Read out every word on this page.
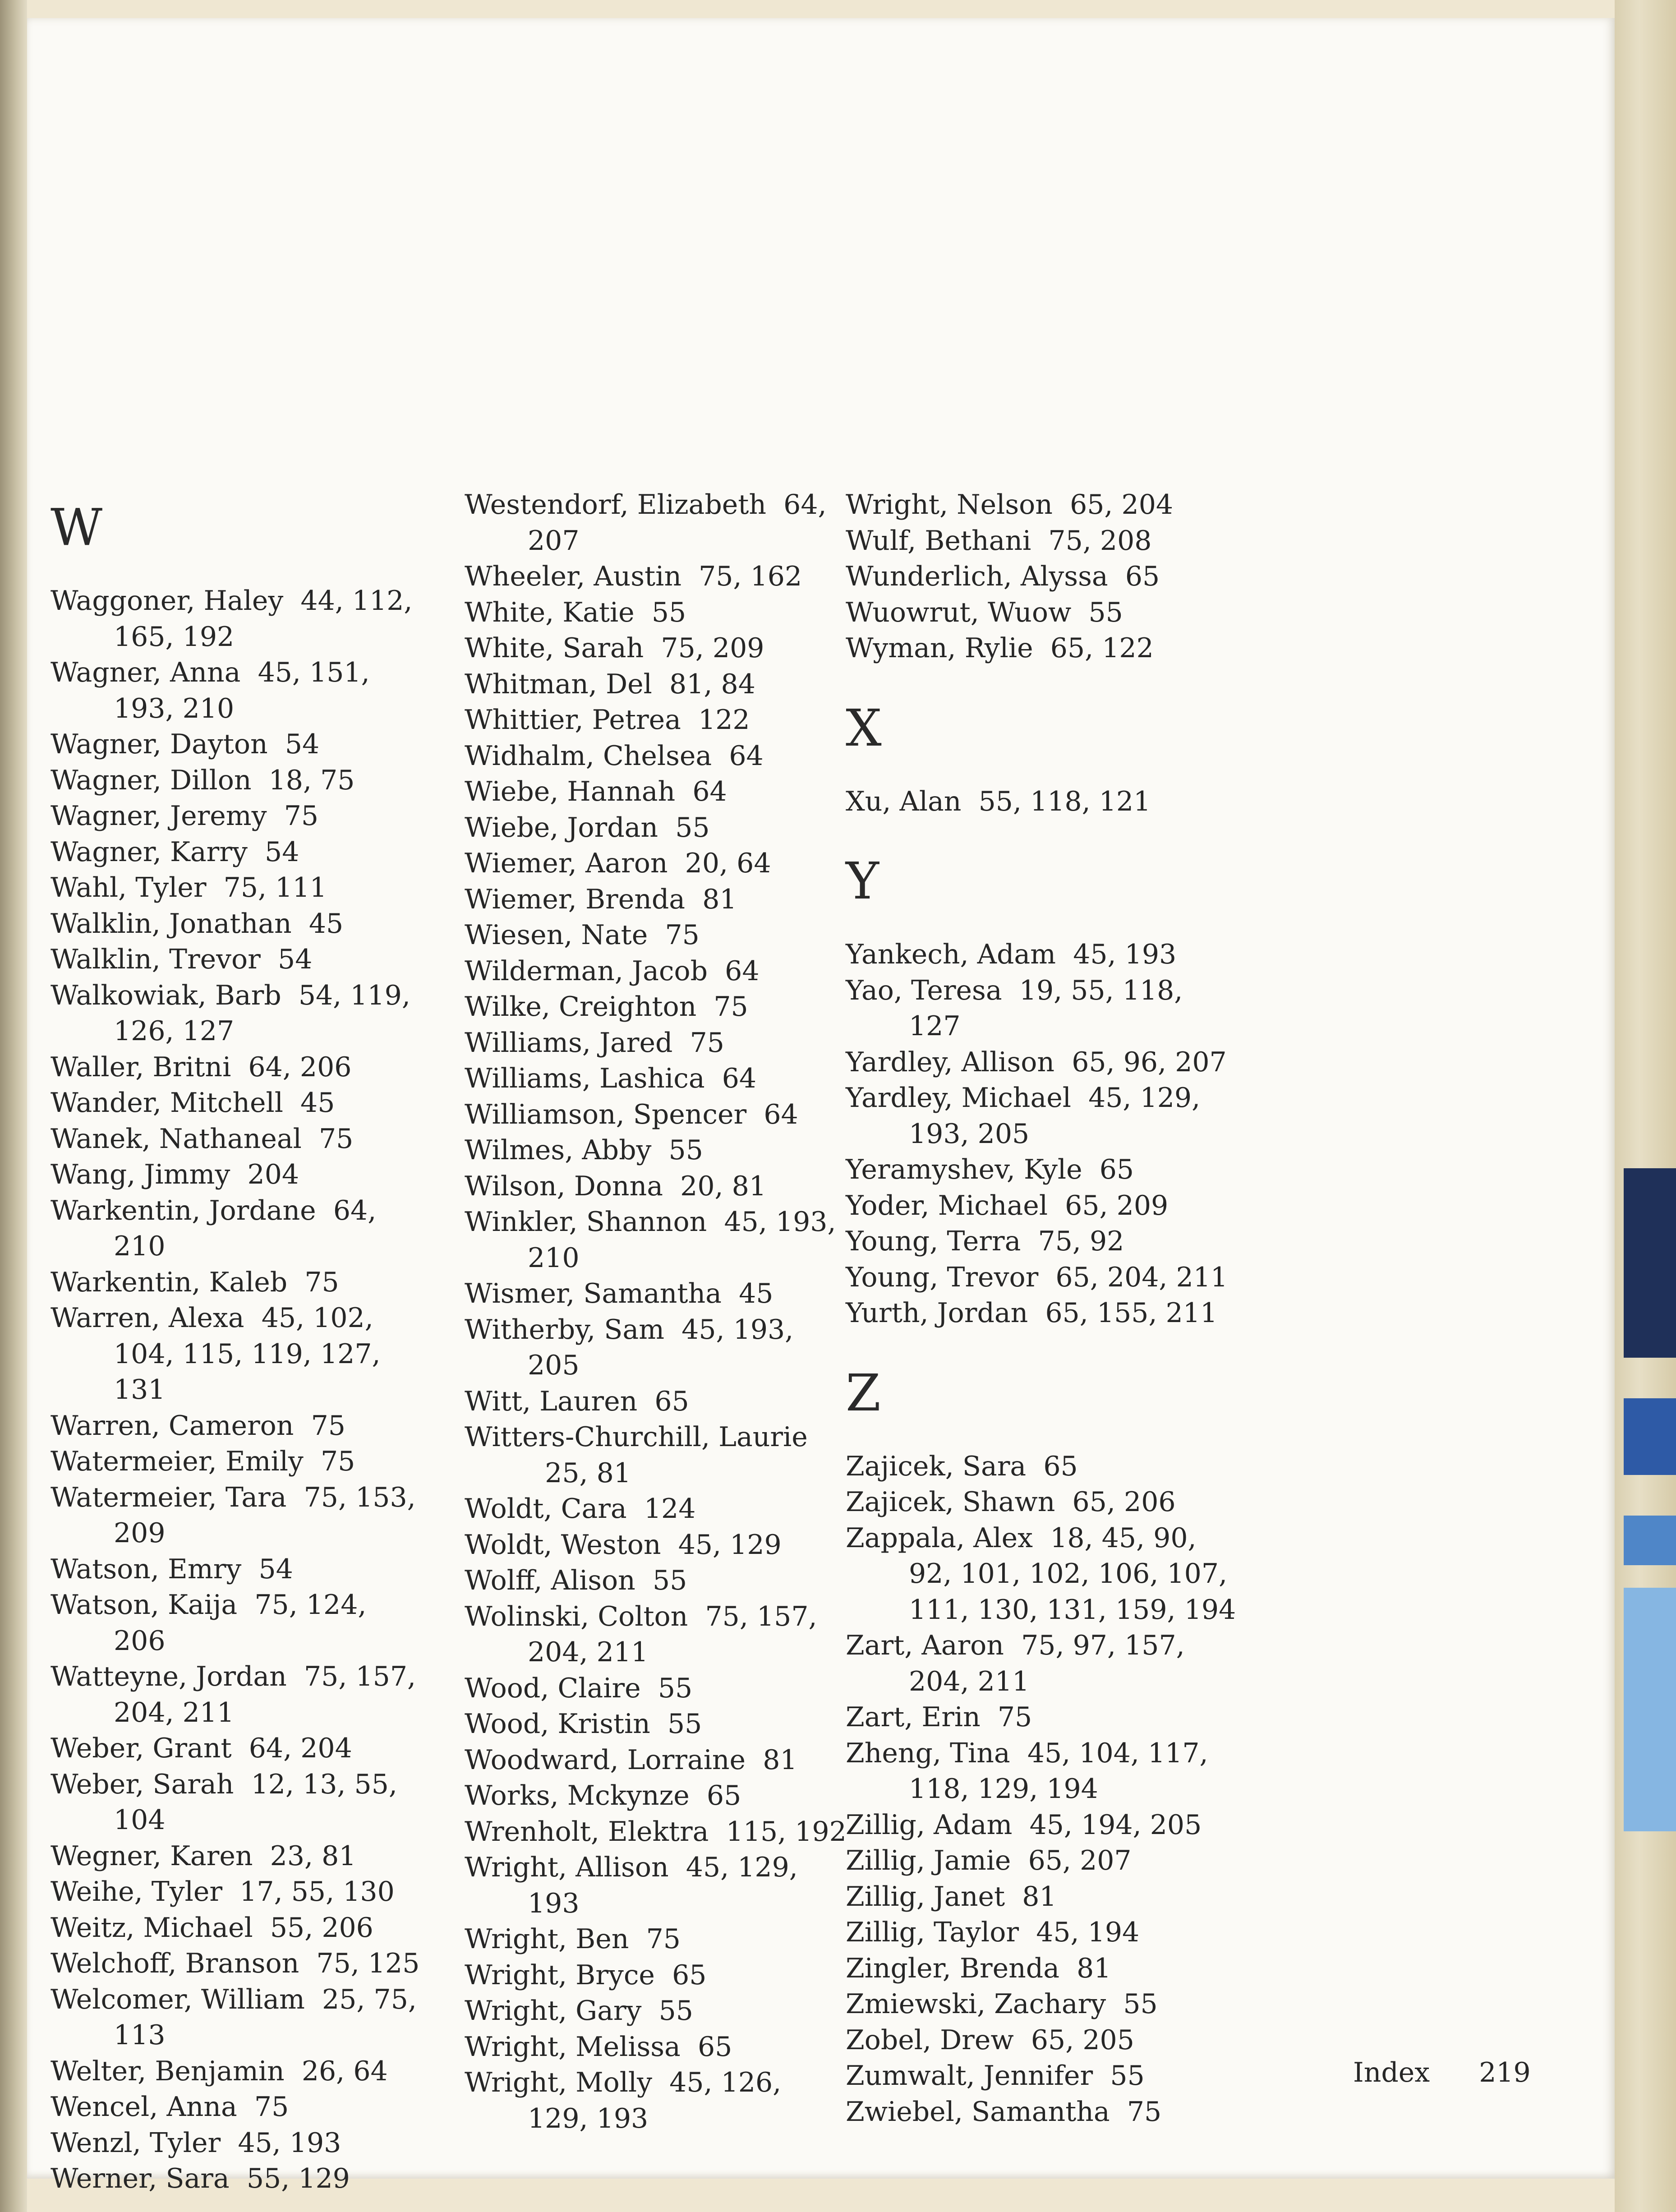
W

Waggoner, Haley 44, 112, 165, 192

Wagner, Anna 45, 151, 193, 210

Wagner, Dayton 54

Wagner, Dillon 18, 75

Wagner, Jeremy 75

Wagner, Karry 54

Wahl, Tyler 75, 111

Walklin, Jonathan 45

Walklin, Trevor 54

Walkowiak, Barb 54, 119, 126, 127

Waller, Britni 64, 206

Wander, Mitchell 45

Wanek, Nathaneal 75

Wang, Jimmy 204

Warkentin, Jordane 64, 210

Warkentin, Kaleb 75

Warren, Alexa 45, 102, 104, 115, 119, 127, 131

Warren, Cameron 75

Watermeier, Emily 75

Watermeier, Tara 75, 153, 209

Watson, Emry 54

Watson, Kaija 75, 124, 206

Watteyne, Jordan 75, 157, 204, 211

Weber, Grant 64, 204

Weber, Sarah 12, 13, 55, 104

Wegner, Karen 23, 81

Weihe, Tyler 17, 55, 130

Weitz, Michael 55, 206

Welchoff, Branson 75, 125

Welcomer, William 25, 75, 113

Welter, Benjamin 26, 64

Wencel, Anna 75

Wenzl, Tyler 45, 193

Werner, Sara 55, 129

Westendorf, Elizabeth 64, 207

Wheeler, Austin 75, 162

White, Katie 55

White, Sarah 75, 209

Whitman, Del 81, 84

Whittier, Petrea 122

Widhalm, Chelsea 64

Wiebe, Hannah 64

Wiebe, Jordan 55

Wiemer, Aaron 20, 64

Wiemer, Brenda 81

Wiesen, Nate 75

Wilderman, Jacob 64

Wilke, Creighton 75

Williams, Jared 75

Williams, Lashica 64

Williamson, Spencer 64

Wilmes, Abby 55

Wilson, Donna 20, 81

Winkler, Shannon 45, 193, 210

Wismer, Samantha 45

Witherby, Sam 45, 193, 205

Witt, Lauren 65

Witters-Churchill, Laurie25, 81

Woldt, Cara 124

Woldt, Weston 45, 129

Wolff, Alison 55

Wolinski, Colton 75, 157, 204, 211

Wood, Claire 55

Wood, Kristin 55

Woodward, Lorraine 81

Works, Mckynze 65

Wrenholt, Elektra 115, 192

Wright, Allison 45, 129, 193

Wright, Ben 75

Wright, Bryce 65

Wright, Gary 55

Wright, Melissa 65

Wright, Molly 45, 126, 129, 193

Wright, Nelson 65, 204

Wulf, Bethani 75, 208

Wunderlich, Alyssa 65

Wuowrut, Wuow 55

Wyman, Rylie 65, 122

X

Xu, Alan 55, 118, 121

Y

Yankech, Adam 45, 193

Yao, Teresa 19, 55, 118, 127

Yardley, Allison 65, 96, 207

Yardley, Michael 45, 129, 193, 205

Yeramyshev, Kyle 65

Yoder, Michael 65, 209

Young, Terra 75, 92

Young, Trevor 65, 204, 211

Yurth, Jordan 65, 155, 211

Z

Zajicek, Sara 65

Zajicek, Shawn 65, 206

Zappala, Alex 18, 45, 90, 92, 101, 102, 106, 107, 111, 130, 131, 159, 194

Zart, Aaron 75, 97, 157, 204, 211

Zart, Erin 75

Zheng, Tina 45, 104, 117, 118, 129, 194

Zillig, Adam 45, 194, 205

Zillig, Jamie 65, 207

Zillig, Janet 81

Zillig, Taylor 45, 194

Zingler, Brenda 81

Zmiewski, Zachary 55

Zobel, Drew 65, 205

Zumwalt, Jennifer 55

Zwiebel, Samantha 75

Index 219
